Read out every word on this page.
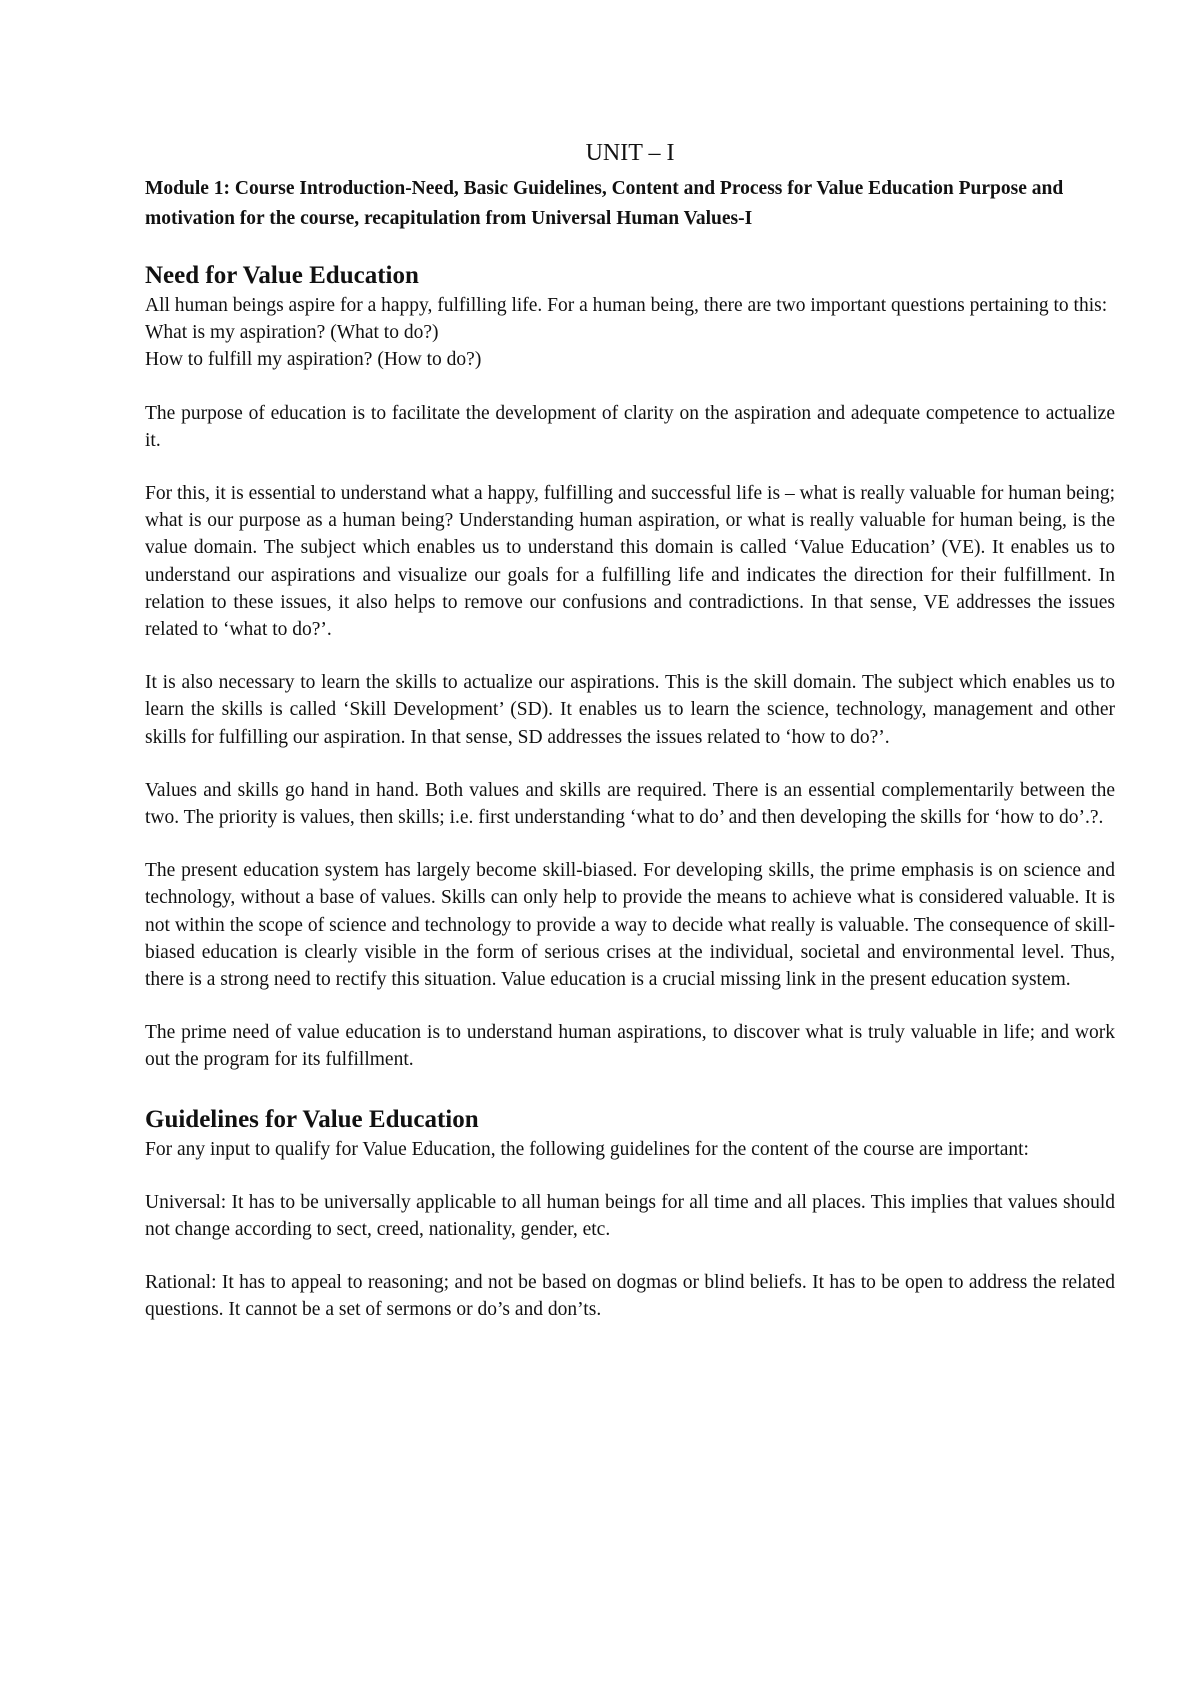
UNIT – I

Module 1: Course Introduction-Need, Basic Guidelines, Content and Process for Value Education Purpose and motivation for the course, recapitulation from Universal Human Values-I

Need for Value Education

All human beings aspire for a happy, fulfilling life. For a human being, there are two important questions pertaining to this:

What is my aspiration? (What to do?)

How to fulfill my aspiration? (How to do?)

The purpose of education is to facilitate the development of clarity on the aspiration and adequate competence to actualize it.

For this, it is essential to understand what a happy, fulfilling and successful life is – what is really valuable for human being; what is our purpose as a human being? Understanding human aspiration, or what is really valuable for human being, is the value domain. The subject which enables us to understand this domain is called ‘Value Education’ (VE). It enables us to understand our aspirations and visualize our goals for a fulfilling life and indicates the direction for their fulfillment. In relation to these issues, it also helps to remove our confusions and contradictions. In that sense, VE addresses the issues related to ‘what to do?’.

It is also necessary to learn the skills to actualize our aspirations. This is the skill domain. The subject which enables us to learn the skills is called ‘Skill Development’ (SD). It enables us to learn the science, technology, management and other skills for fulfilling our aspiration. In that sense, SD addresses the issues related to ‘how to do?’.

Values and skills go hand in hand. Both values and skills are required. There is an essential complementarily between the two. The priority is values, then skills; i.e. first understanding ‘what to do’ and then developing the skills for ‘how to do’.?.

The present education system has largely become skill-biased. For developing skills, the prime emphasis is on science and technology, without a base of values. Skills can only help to provide the means to achieve what is considered valuable. It is not within the scope of science and technology to provide a way to decide what really is valuable. The consequence of skill-biased education is clearly visible in the form of serious crises at the individual, societal and environmental level. Thus, there is a strong need to rectify this situation. Value education is a crucial missing link in the present education system.

The prime need of value education is to understand human aspirations, to discover what is truly valuable in life; and work out the program for its fulfillment.

Guidelines for Value Education

For any input to qualify for Value Education, the following guidelines for the content of the course are important:

Universal: It has to be universally applicable to all human beings for all time and all places. This implies that values should not change according to sect, creed, nationality, gender, etc.

Rational: It has to appeal to reasoning; and not be based on dogmas or blind beliefs. It has to be open to address the related questions. It cannot be a set of sermons or do’s and don’ts.
